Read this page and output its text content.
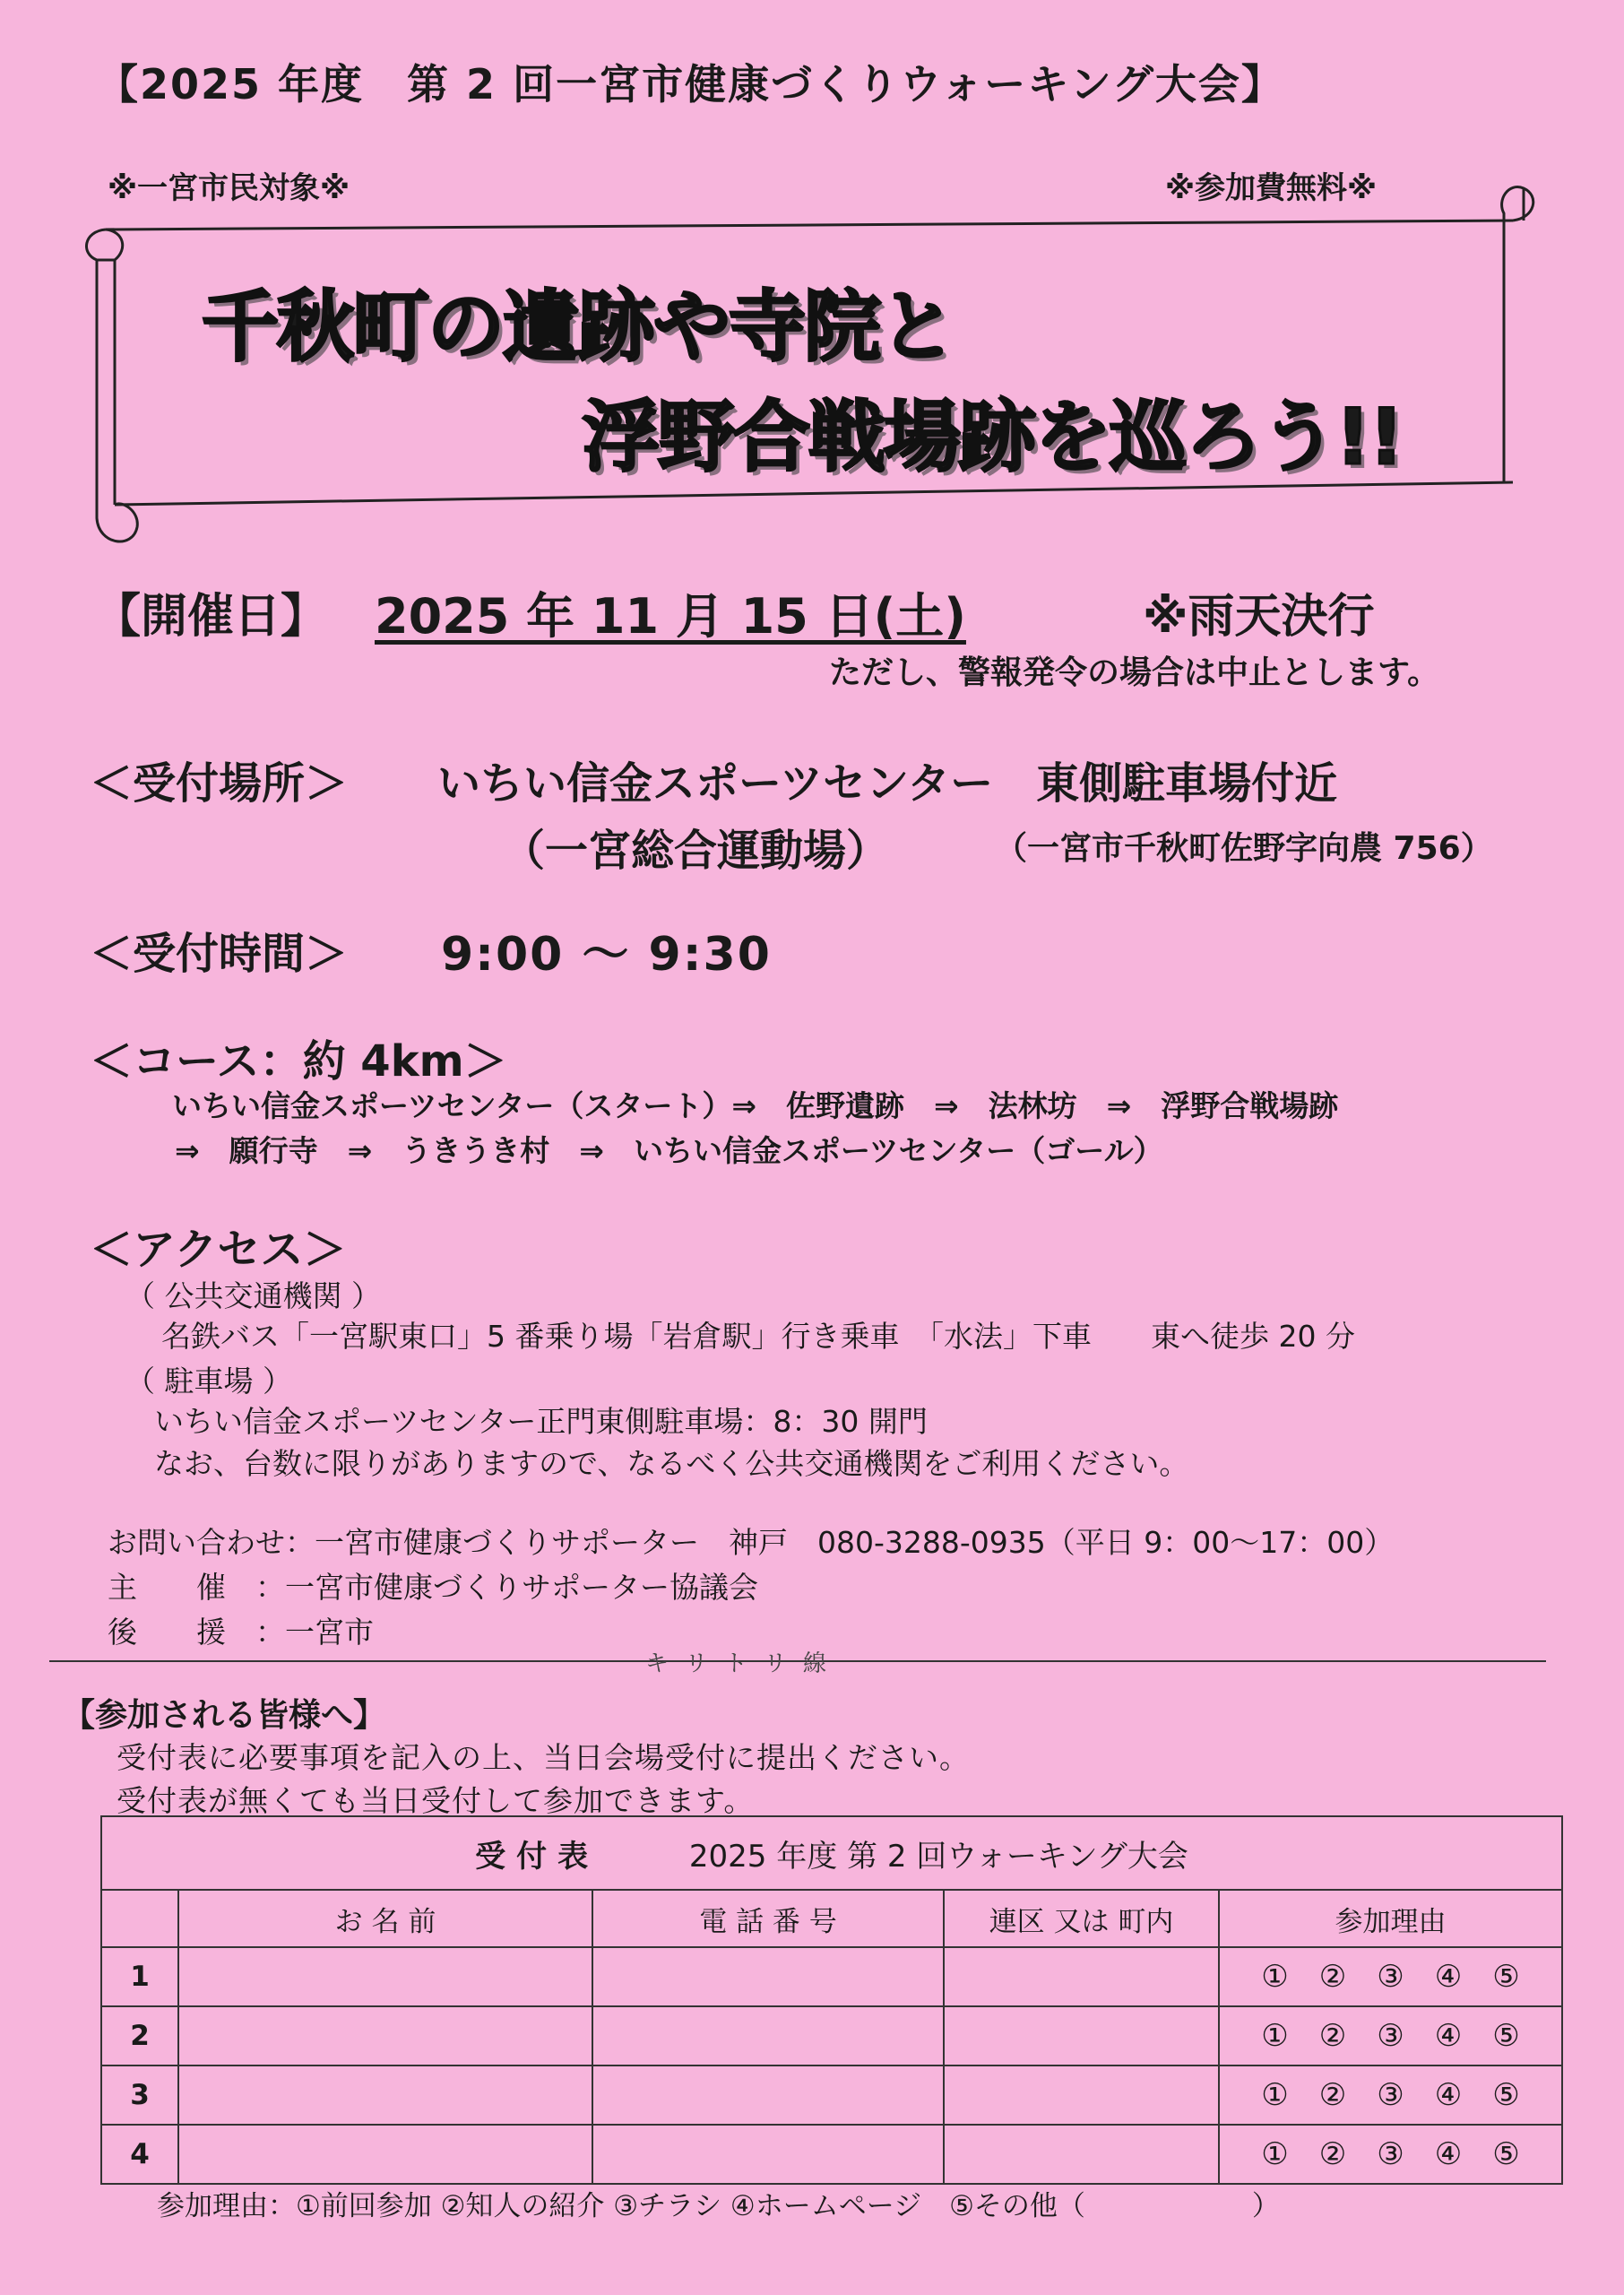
【2025 年度　第 2 回一宮市健康づくりウォーキング大会】
※一宮市民対象※	※参加費無料※
千秋町の遺跡や寺院と
浮野合戦場跡を巡ろう!!
【開催日】 2025 年 11 月 15 日(土)	※雨天決行
ただし、警報発令の場合は中止とします。
＜受付場所＞ いちい信金スポーツセンター　東側駐車場付近
（一宮総合運動場）	（一宮市千秋町佐野字向農 756）
＜受付時間＞ 9:00 ～ 9:30
＜コース：約 4km＞
いちい信金スポーツセンター（スタート）⇒　佐野遺跡　⇒　法林坊　⇒　浮野合戦場跡
⇒　願行寺　⇒　うきうき村　⇒　いちい信金スポーツセンター（ゴール）
＜アクセス＞
（ 公共交通機関 ）
名鉄バス「一宮駅東口」5 番乗り場「岩倉駅」行き乗車　「水法」下車　　東へ徒歩 20 分
（ 駐車場 ）
いちい信金スポーツセンター正門東側駐車場：8：30 開門
なお、台数に限りがありますので、なるべく公共交通機関をご利用ください。
お問い合わせ：一宮市健康づくりサポーター　神戸　080-3288-0935（平日 9：00～17：00）
主　　催　：一宮市健康づくりサポーター協議会
後　　援　：一宮市
キリトリ線
【参加される皆様へ】
受付表に必要事項を記入の上、当日会場受付に提出ください。
受付表が無くても当日受付して参加できます。
受付表 2025 年度 第 2 回ウォーキング大会				
	お 名 前	電 話 番 号	連区 又は 町内	参加理由
1				① ② ③ ④ ⑤
2				① ② ③ ④ ⑤
3				① ② ③ ④ ⑤
4				① ② ③ ④ ⑤
参加理由：①前回参加 ②知人の紹介 ③チラシ ④ホームページ　⑤その他（　　　　　　）
